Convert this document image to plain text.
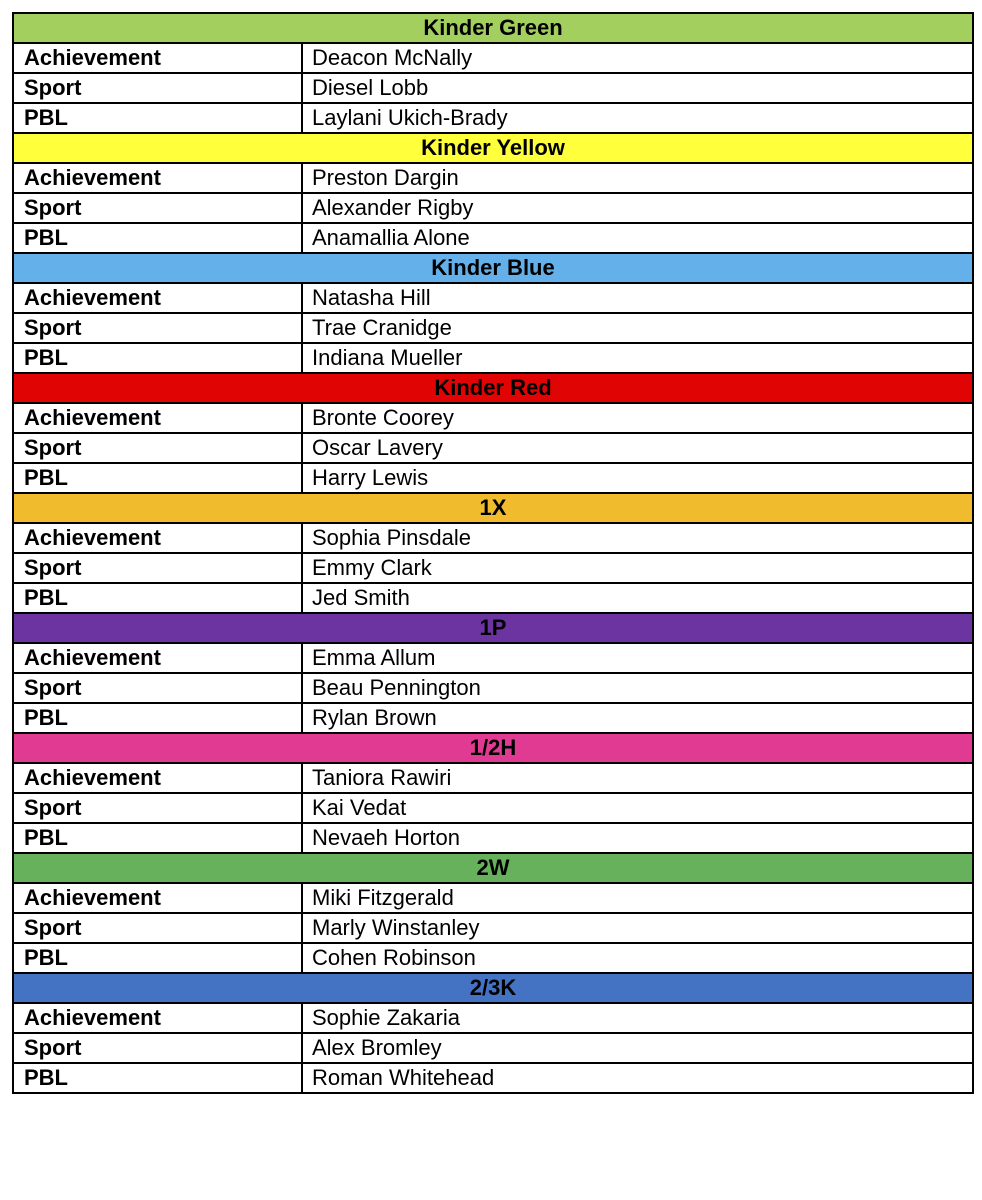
Kinder Green	
Achievement	Deacon McNally
Sport	Diesel Lobb
PBL	Laylani Ukich-Brady
Kinder Yellow	
Achievement	Preston Dargin
Sport	Alexander Rigby
PBL	Anamallia Alone
Kinder Blue	
Achievement	Natasha Hill
Sport	Trae Cranidge
PBL	Indiana Mueller
Kinder Red	
Achievement	Bronte Coorey
Sport	Oscar Lavery
PBL	Harry Lewis
1X	
Achievement	Sophia Pinsdale
Sport	Emmy Clark
PBL	Jed Smith
1P	
Achievement	Emma Allum
Sport	Beau Pennington
PBL	Rylan Brown
1/2H	
Achievement	Taniora Rawiri
Sport	Kai Vedat
PBL	Nevaeh Horton
2W	
Achievement	Miki Fitzgerald
Sport	Marly Winstanley
PBL	Cohen Robinson
2/3K	
Achievement	Sophie Zakaria
Sport	Alex Bromley
PBL	Roman Whitehead
